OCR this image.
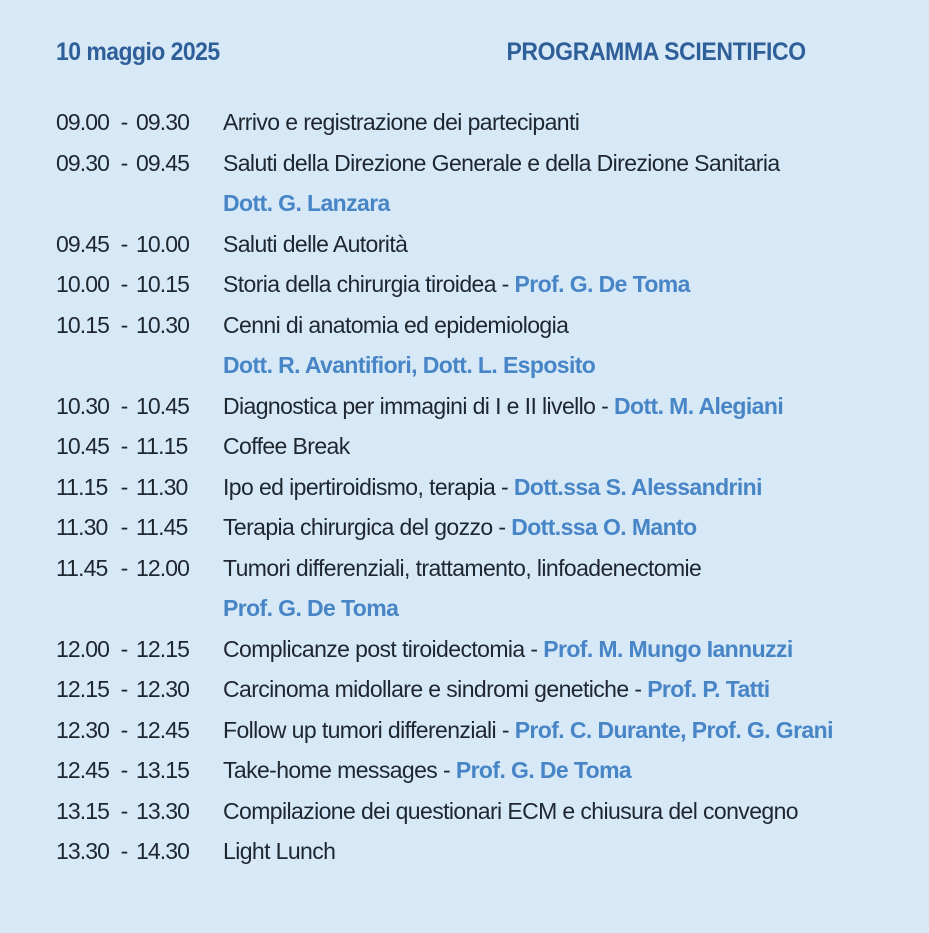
10 maggio 2025	PROGRAMMA SCIENTIFICO
09.00 - 09.30 Arrivo e registrazione dei partecipanti
09.30 - 09.45 Saluti della Direzione Generale e della Direzione Sanitaria
Dott. G. Lanzara
09.45 - 10.00 Saluti delle Autorità
10.00 - 10.15 Storia della chirurgia tiroidea - Prof. G. De Toma
10.15 - 10.30 Cenni di anatomia ed epidemiologia
Dott. R. Avantifiori, Dott. L. Esposito
10.30 - 10.45 Diagnostica per immagini di I e II livello - Dott. M. Alegiani
10.45 - 11.15 Coffee Break
11.15 - 11.30 Ipo ed ipertiroidismo, terapia - Dott.ssa S. Alessandrini
11.30 - 11.45 Terapia chirurgica del gozzo - Dott.ssa O. Manto
11.45 - 12.00 Tumori differenziali, trattamento, linfoadenectomie
Prof. G. De Toma
12.00 - 12.15 Complicanze post tiroidectomia - Prof. M. Mungo Iannuzzi
12.15 - 12.30 Carcinoma midollare e sindromi genetiche - Prof. P. Tatti
12.30 - 12.45 Follow up tumori differenziali - Prof. C. Durante, Prof. G. Grani
12.45 - 13.15 Take-home messages - Prof. G. De Toma
13.15 - 13.30 Compilazione dei questionari ECM e chiusura del convegno
13.30 - 14.30 Light Lunch
